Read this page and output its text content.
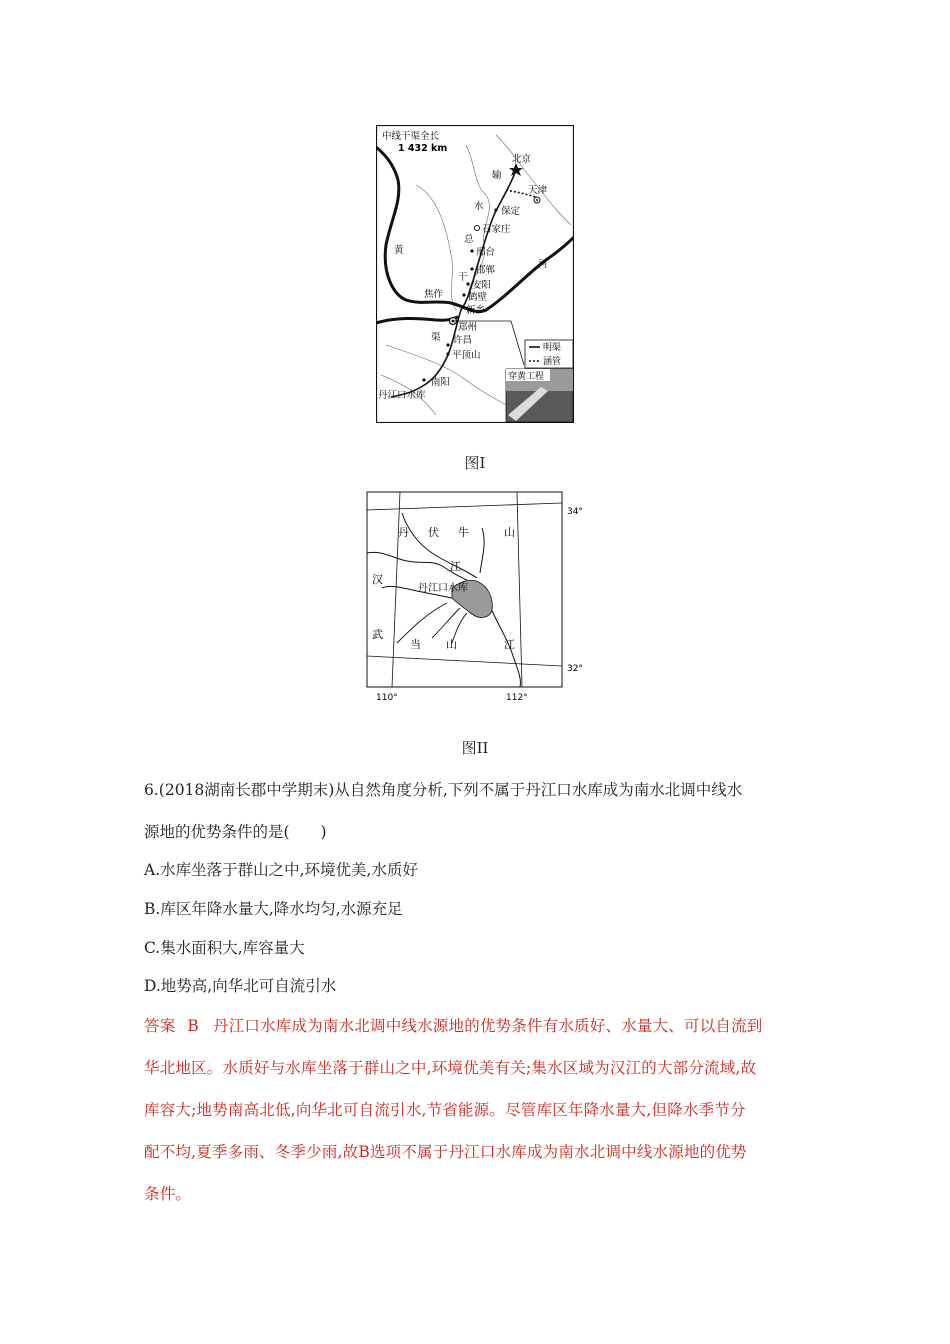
中线干渠全长
1 432 km
北京
天津
保定
石家庄
邢台
邯郸
安阳
鹤壁
新乡
焦作
郑州
许昌
平顶山
南阳
输
水
总
干
渠
黄
河
丹江口水库
明渠
涵管
穿黄工程
图I
丹 伏 牛	山
江
汉
丹江口水库
武
当 山	江
34°
32°
110°	112°
图II
6.(2018湖南长郡中学期末)从自然角度分析,下列不属于丹江口水库成为南水北调中线水
源地的优势条件的是(　　)
A.水库坐落于群山之中,环境优美,水质好
B.库区年降水量大,降水均匀,水源充足
C.集水面积大,库容量大
D.地势高,向华北可自流引水
答案 B 丹江口水库成为南水北调中线水源地的优势条件有水质好、水量大、可以自流到
华北地区。水质好与水库坐落于群山之中,环境优美有关;集水区域为汉江的大部分流域,故
库容大;地势南高北低,向华北可自流引水,节省能源。尽管库区年降水量大,但降水季节分
配不均,夏季多雨、冬季少雨,故B选项不属于丹江口水库成为南水北调中线水源地的优势
条件。
